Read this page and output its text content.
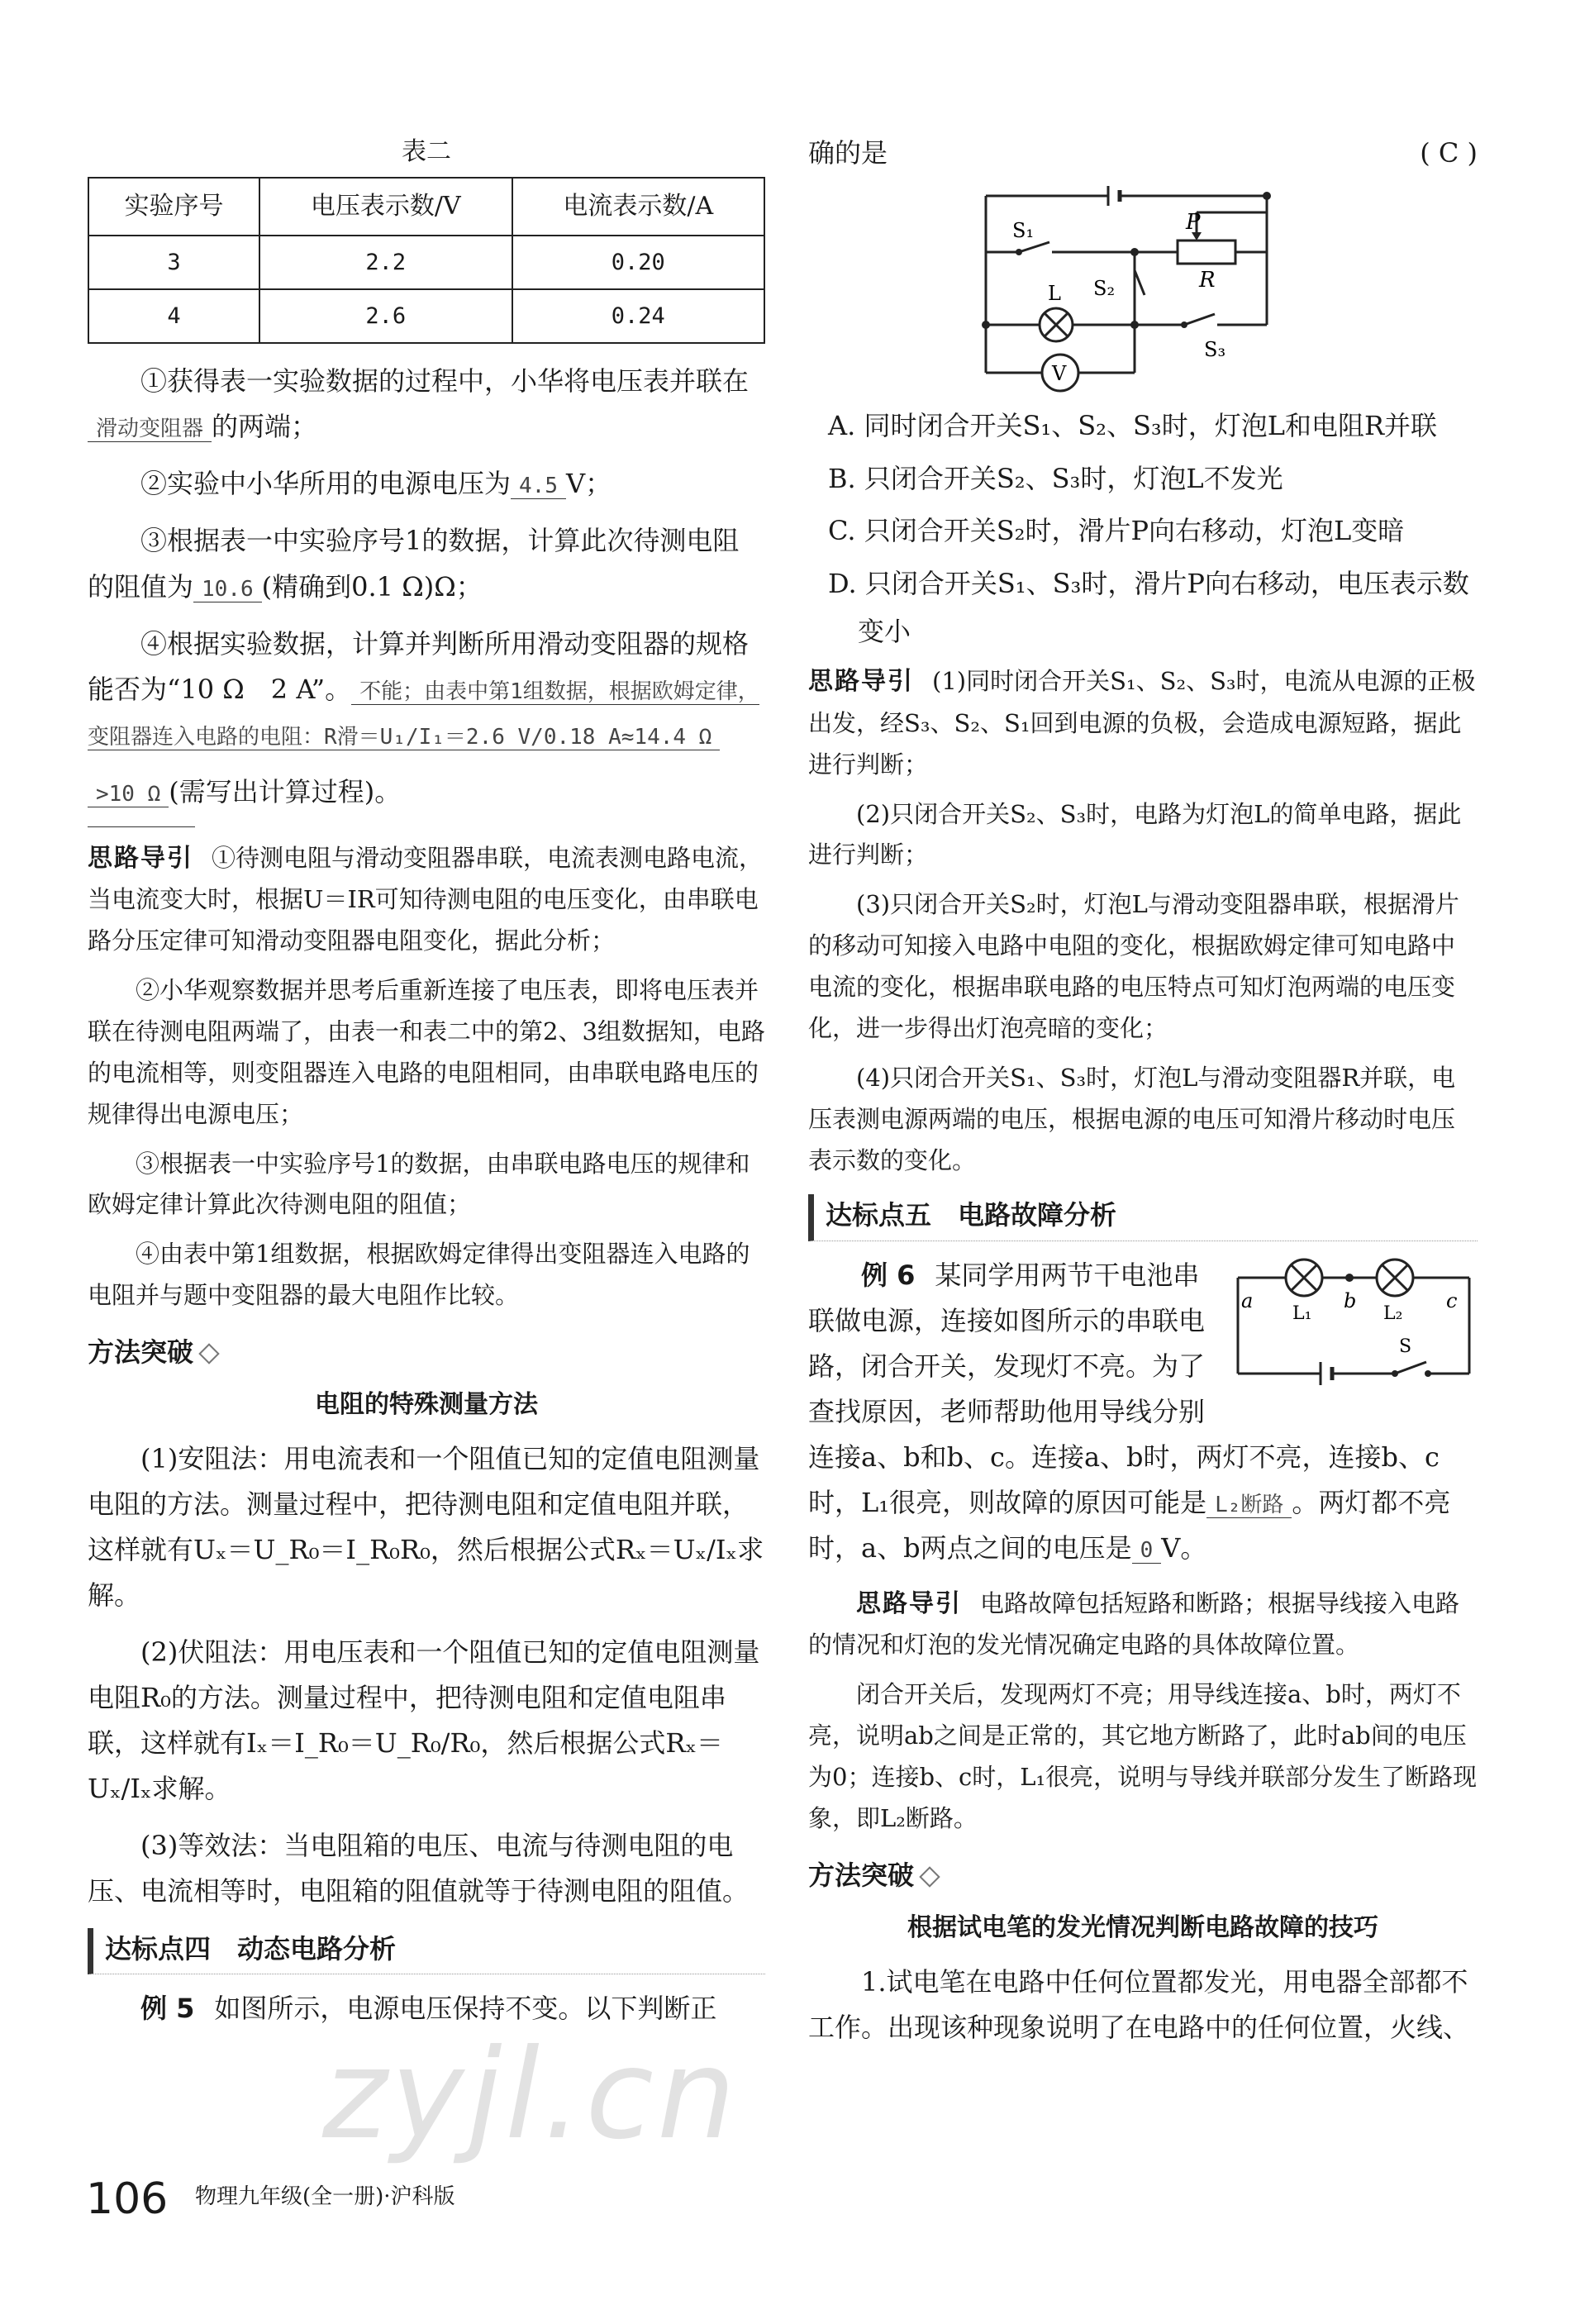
表二
实验序号	电压表示数/V	电流表示数/A
3	2.2	0.20
4	2.6	0.24

①获得表一实验数据的过程中，小华将电压表并联在滑动变阻器 的两端；

②实验中小华所用的电源电压为 4.5 V；

③根据表一中实验序号1的数据，计算此次待测电阻的阻值为 10.6 (精确到0.1 Ω)Ω；

④根据实验数据，计算并判断所用滑动变阻器的规格能否为“10 Ω　2 A”。 不能；由表中第1组数据，根据欧姆定律，变阻器连入电路的电阻：R滑＝U₁/I₁＝2.6 V/0.18 A≈14.4 Ω

>10 Ω (需写出计算过程)。

思路导引 ①待测电阻与滑动变阻器串联，电流表测电路电流，当电流变大时，根据U＝IR可知待测电阻的电压变化，由串联电路分压定律可知滑动变阻器电阻变化，据此分析；

②小华观察数据并思考后重新连接了电压表，即将电压表并联在待测电阻两端了，由表一和表二中的第2、3组数据知，电路的电流相等，则变阻器连入电路的电阻相同，由串联电路电压的规律得出电源电压；

③根据表一中实验序号1的数据，由串联电路电压的规律和欧姆定律计算此次待测电阻的阻值；

④由表中第1组数据，根据欧姆定律得出变阻器连入电路的电阻并与题中变阻器的最大电阻作比较。

方法突破
电阻的特殊测量方法

(1)安阻法：用电流表和一个阻值已知的定值电阻测量电阻的方法。测量过程中，把待测电阻和定值电阻并联，这样就有Uₓ＝U_R₀＝I_R₀R₀，然后根据公式Rₓ＝Uₓ/Iₓ求解。

(2)伏阻法：用电压表和一个阻值已知的定值电阻测量电阻R₀的方法。测量过程中，把待测电阻和定值电阻串联，这样就有Iₓ＝I_R₀＝U_R₀/R₀，然后根据公式Rₓ＝Uₓ/Iₓ求解。

(3)等效法：当电阻箱的电压、电流与待测电阻的电压、电流相等时，电阻箱的阻值就等于待测电阻的阻值。

达标点四　动态电路分析

例 5 如图所示，电源电压保持不变。以下判断正

确的是	( C )
S₁	P
R
L S₂
S₃
V

A. 同时闭合开关S₁、S₂、S₃时，灯泡L和电阻R并联

B. 只闭合开关S₂、S₃时，灯泡L不发光

C. 只闭合开关S₂时，滑片P向右移动，灯泡L变暗

D. 只闭合开关S₁、S₃时，滑片P向右移动，电压表示数变小

思路导引 (1)同时闭合开关S₁、S₂、S₃时，电流从电源的正极出发，经S₃、S₂、S₁回到电源的负极，会造成电源短路，据此进行判断；

(2)只闭合开关S₂、S₃时，电路为灯泡L的简单电路，据此进行判断；

(3)只闭合开关S₂时，灯泡L与滑动变阻器串联，根据滑片的移动可知接入电路中电阻的变化，根据欧姆定律可知电路中电流的变化，根据串联电路的电压特点可知灯泡两端的电压变化，进一步得出灯泡亮暗的变化；

(4)只闭合开关S₁、S₃时，灯泡L与滑动变阻器R并联，电压表测电源两端的电压，根据电源的电压可知滑片移动时电压表示数的变化。

达标点五　电路故障分析
a	b	c
L₁	L₂
S

例 6 某同学用两节干电池串联做电源，连接如图所示的串联电路，闭合开关，发现灯不亮。为了查找原因，老师帮助他用导线分别连接a、b和b、c。连接a、b时，两灯不亮，连接b、c时，L₁很亮，则故障的原因可能是 L₂断路 。两灯都不亮时，a、b两点之间的电压是 0 V。

思路导引 电路故障包括短路和断路；根据导线接入电路的情况和灯泡的发光情况确定电路的具体故障位置。

闭合开关后，发现两灯不亮；用导线连接a、b时，两灯不亮，说明ab之间是正常的，其它地方断路了，此时ab间的电压为0；连接b、c时，L₁很亮，说明与导线并联部分发生了断路现象，即L₂断路。

方法突破
根据试电笔的发光情况判断电路故障的技巧

1.试电笔在电路中任何位置都发光，用电器全部都不工作。出现该种现象说明了在电路中的任何位置，火线、

zyjl.cn
106 物理九年级(全一册)·沪科版
